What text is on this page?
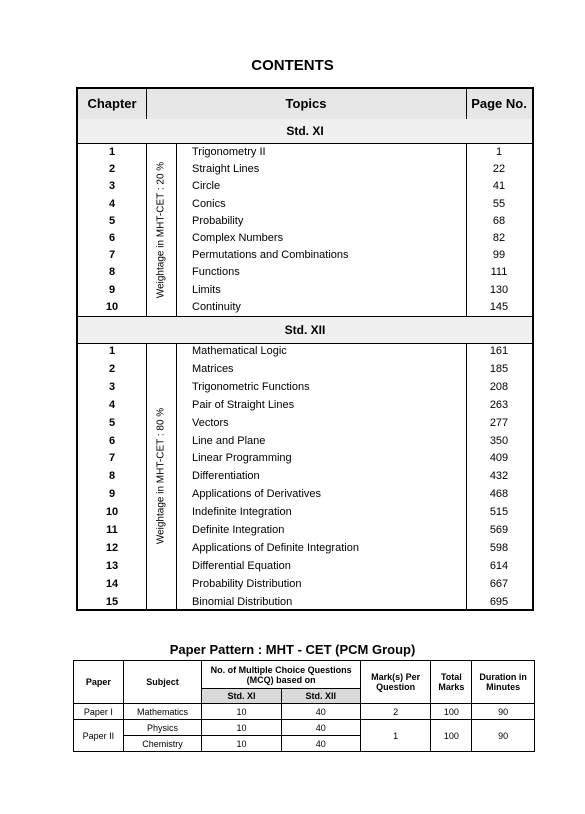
CONTENTS
Chapter	Topics	Page No.
Std. XI
Weightage in MHT-CET : 20 %
1	Trigonometry II	1
2	Straight Lines	22
3	Circle	41
4	Conics	55
5	Probability	68
6	Complex Numbers	82
7	Permutations and Combinations	99
8	Functions	111
9	Limits	130
10	Continuity	145
Std. XII
Weightage in MHT-CET : 80 %
1	Mathematical Logic	161
2	Matrices	185
3	Trigonometric Functions	208
4	Pair of Straight Lines	263
5	Vectors	277
6	Line and Plane	350
7	Linear Programming	409
8	Differentiation	432
9	Applications of Derivatives	468
10	Indefinite Integration	515
11	Definite Integration	569
12	Applications of Definite Integration	598
13	Differential Equation	614
14	Probability Distribution	667
15	Binomial Distribution	695
Paper Pattern : MHT - CET (PCM Group)
Paper	Subject	No. of Multiple Choice Questions (MCQ) based on		Mark(s) Per Question	Total Marks	Duration in Minutes
		Std. XI	Std. XII			
Paper I	Mathematics	10	40	2	100	90
Paper II	Physics	10	40	1	100	90
	Chemistry	10	40			
